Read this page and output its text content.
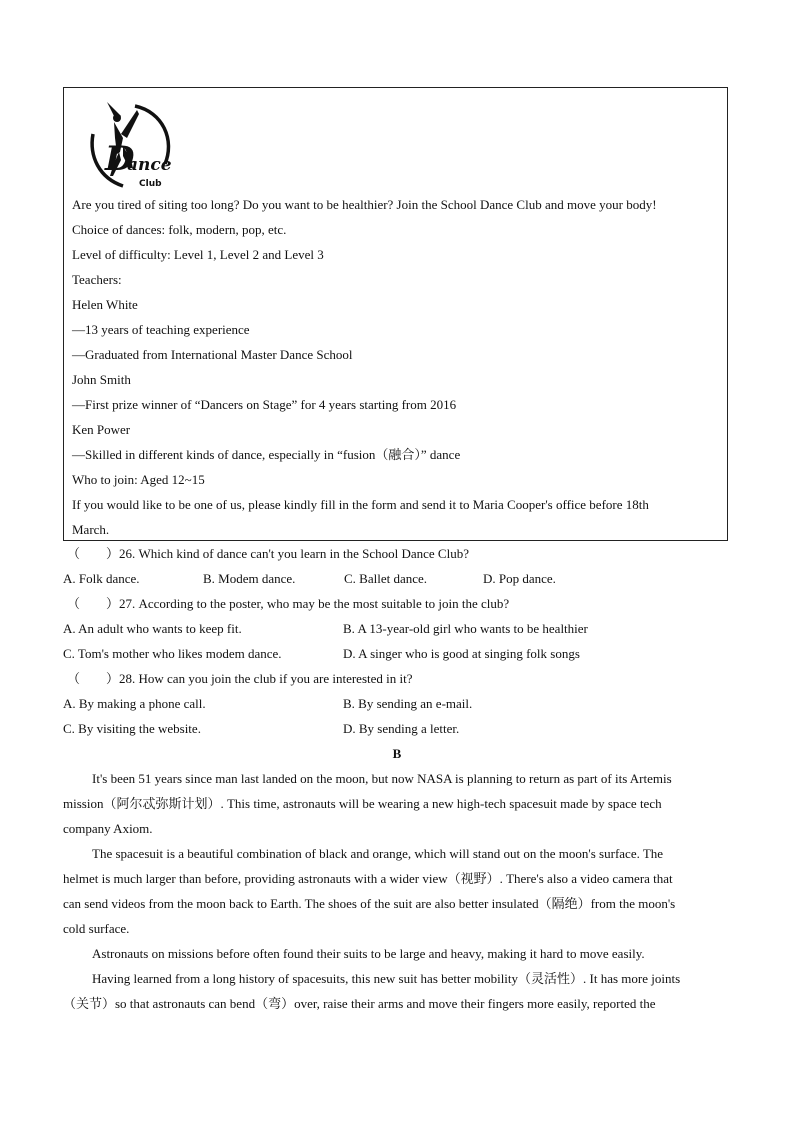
D
ance
Club
Are you tired of siting too long? Do you want to be healthier? Join the School Dance Club and move your body!
Choice of dances: folk, modern, pop, etc.
Level of difficulty: Level 1, Level 2 and Level 3
Teachers:
Helen White
—13 years of teaching experience
—Graduated from International Master Dance School
John Smith
—First prize winner of “Dancers on Stage” for 4 years starting from 2016
Ken Power
—Skilled in different kinds of dance, especially in “fusion（融合）” dance
Who to join: Aged 12~15
If you would like to be one of us, please kindly fill in the form and send it to Maria Cooper's office before 18th
March.
（　　）26. Which kind of dance can't you learn in the School Dance Club?
A. Folk dance.	B. Modem dance.	C. Ballet dance.	D. Pop dance.
（　　）27. According to the poster, who may be the most suitable to join the club?
A. An adult who wants to keep fit.	B. A 13-year-old girl who wants to be healthier
C. Tom's mother who likes modem dance.	D. A singer who is good at singing folk songs
（　　）28. How can you join the club if you are interested in it?
A. By making a phone call.	B. By sending an e-mail.
C. By visiting the website.	D. By sending a letter.
B
It's been 51 years since man last landed on the moon, but now NASA is planning to return as part of its Artemis
mission（阿尔忒弥斯计划）. This time, astronauts will be wearing a new high-tech spacesuit made by space tech
company Axiom.
The spacesuit is a beautiful combination of black and orange, which will stand out on the moon's surface. The
helmet is much larger than before, providing astronauts with a wider view（视野）. There's also a video camera that
can send videos from the moon back to Earth. The shoes of the suit are also better insulated（隔绝）from the moon's
cold surface.
Astronauts on missions before often found their suits to be large and heavy, making it hard to move easily.
Having learned from a long history of spacesuits, this new suit has better mobility（灵活性）. It has more joints
（关节）so that astronauts can bend（弯）over, raise their arms and move their fingers more easily, reported the
